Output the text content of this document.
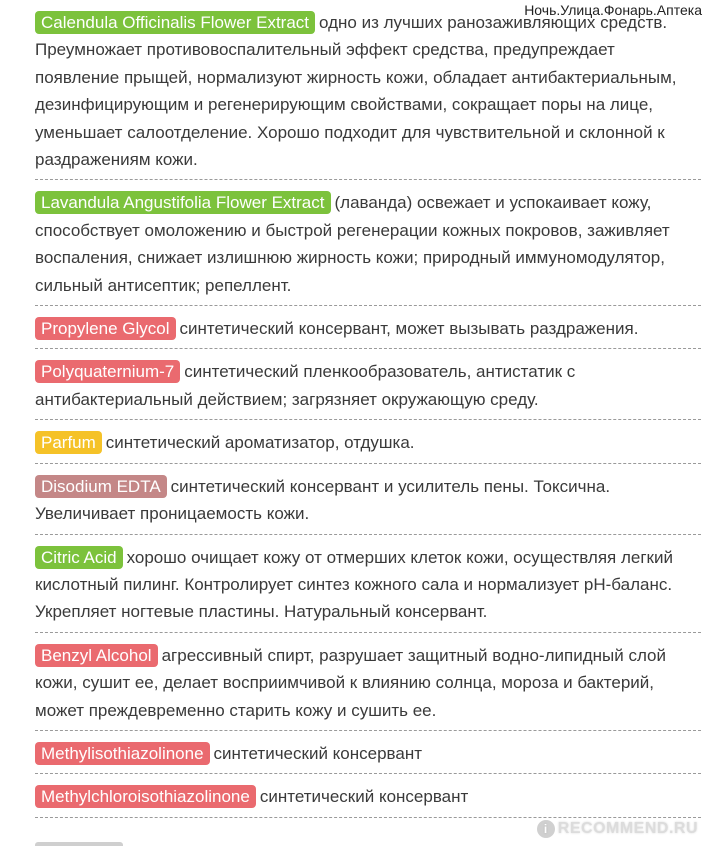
Ночь.Улица.Фонарь.Аптека
Calendula Officinalis Flower Extract одно из лучших ранозаживляющих средств. Преумножает противовоспалительный эффект средства, предупреждает появление прыщей, нормализуют жирность кожи, обладает антибактериальным, дезинфицирующим и регенерирующим свойствами, сокращает поры на лице, уменьшает салоотделение. Хорошо подходит для чувствительной и склонной к раздражениям кожи.
Lavandula Angustifolia Flower Extract (лаванда) освежает и успокаивает кожу, способствует омоложению и быстрой регенерации кожных покровов, заживляет воспаления, снижает излишнюю жирность кожи; природный иммуномодулятор, сильный антисептик; репеллент.
Propylene Glycol синтетический консервант, может вызывать раздражения.
Polyquaternium-7 синтетический пленкообразователь, антистатик с антибактериальный действием; загрязняет окружающую среду.
Parfum синтетический ароматизатор, отдушка.
Disodium EDTA синтетический консервант и усилитель пены. Токсична. Увеличивает проницаемость кожи.
Citric Acid хорошо очищает кожу от отмерших клеток кожи, осуществляя легкий кислотный пилинг. Контролирует синтез кожного сала и нормализует pH-баланс. Укрепляет ногтевые пластины. Натуральный консервант.
Benzyl Alcohol агрессивный спирт, разрушает защитный водно-липидный слой кожи, сушит ее, делает восприимчивой к влиянию солнца, мороза и бактерий, может преждевременно старить кожу и сушить ее.
Methylisothiazolinone синтетический консервант
Methylchloroisothiazolinone синтетический консервант
i RECOMMEND.RU
